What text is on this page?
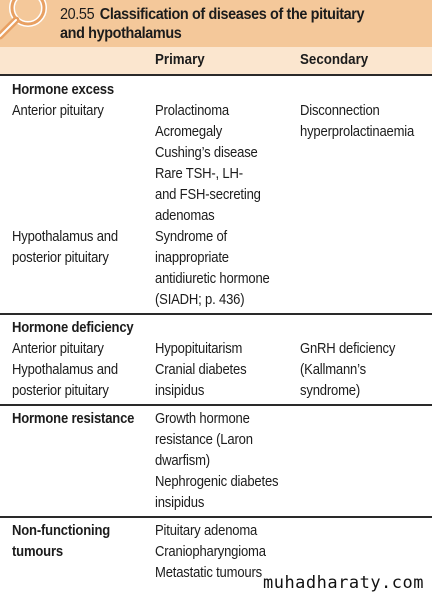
20.55 Classification of diseases of the pituitary
and hypothalamus
Primary	Secondary
Hormone excess
Anterior pituitary	Prolactinoma
Acromegaly
Cushing’s disease
Rare TSH-, LH-
and FSH-secreting
adenomas
Disconnection
hyperprolactinaemia
Hypothalamus and
posterior pituitary
Syndrome of
inappropriate
antidiuretic hormone
(SIADH; p. 436)
Hormone deficiency
Anterior pituitary
Hypothalamus and
posterior pituitary
Hypopituitarism
Cranial diabetes
insipidus
GnRH deficiency
(Kallmann’s
syndrome)
Hormone resistance Growth hormone
resistance (Laron
dwarfism)
Nephrogenic diabetes
insipidus
Non-functioning
tumours
Pituitary adenoma
Craniopharyngioma
Metastatic tumours muhadharaty.com
